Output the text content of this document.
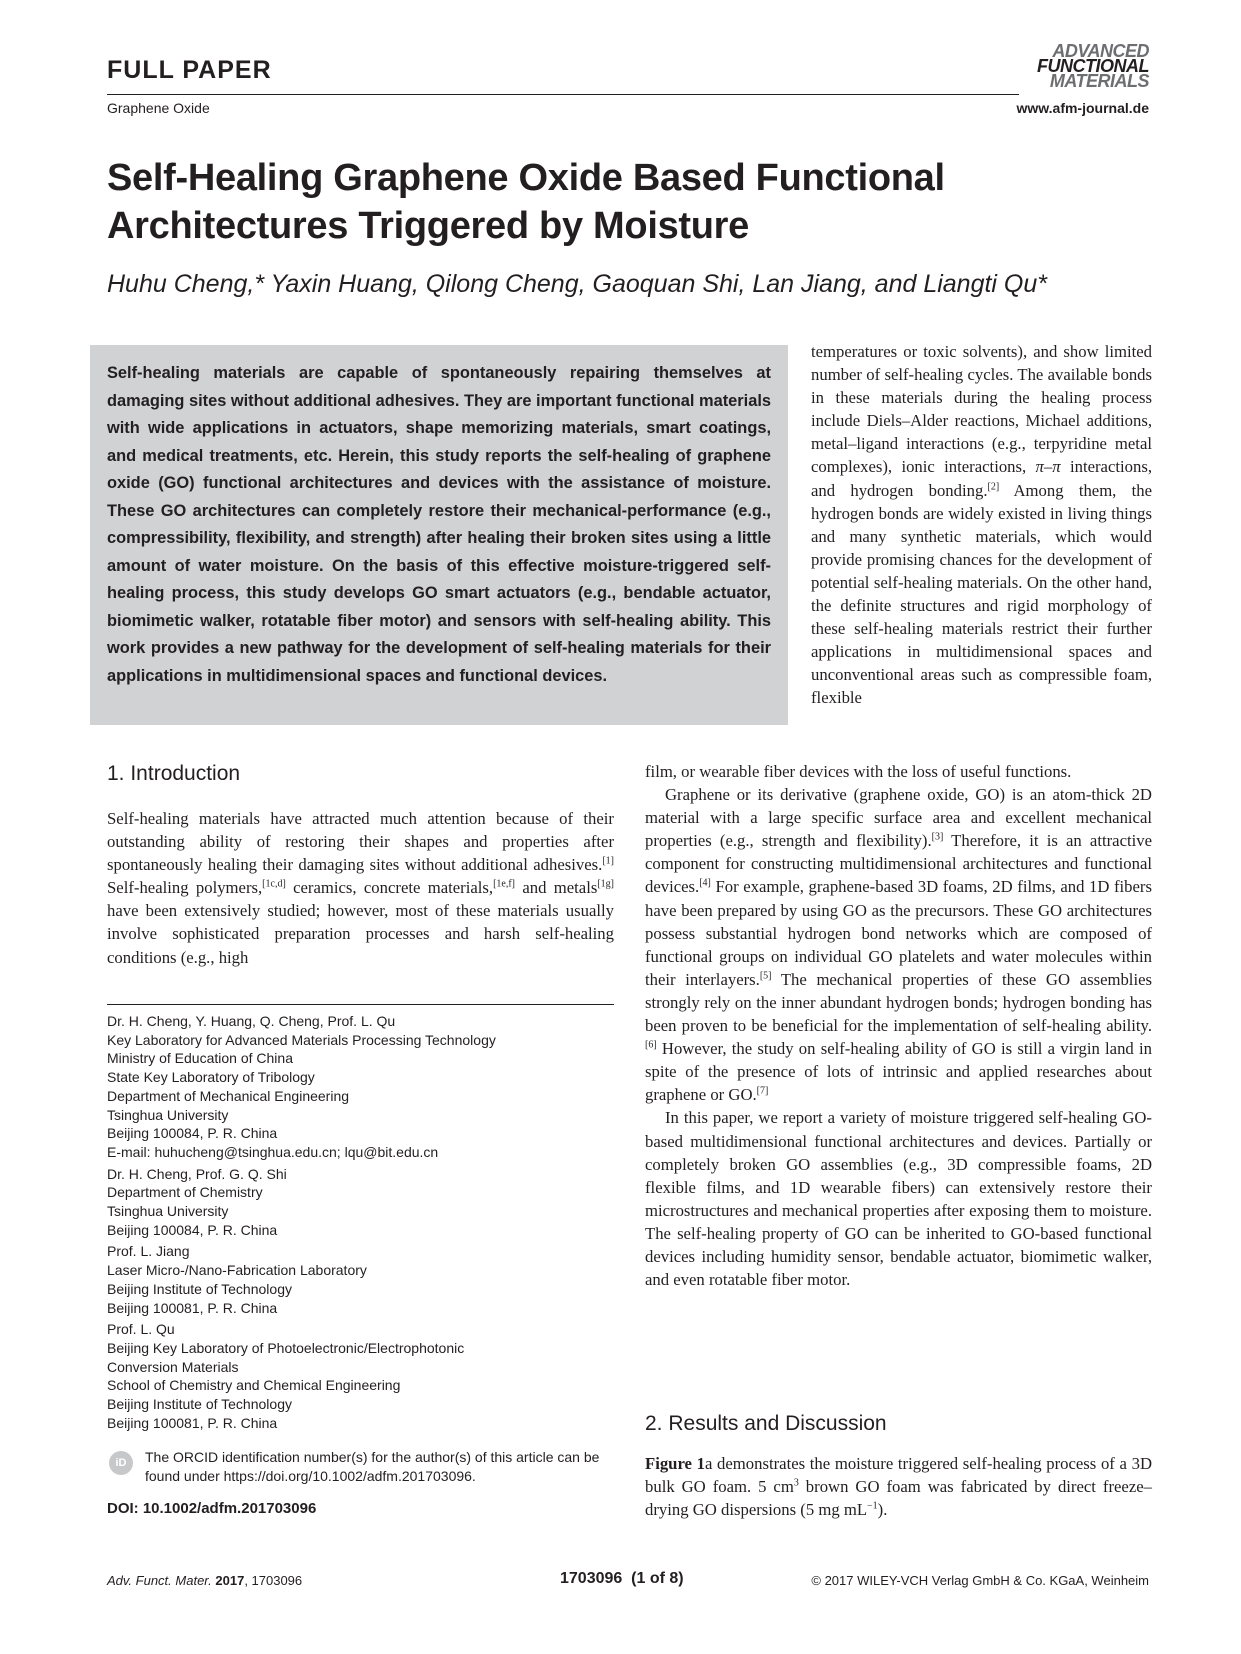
FULL PAPER
ADVANCED
FUNCTIONAL
MATERIALS
Graphene Oxide	www.afm-journal.de
Self-Healing Graphene Oxide Based Functional Architectures Triggered by Moisture
Huhu Cheng,* Yaxin Huang, Qilong Cheng, Gaoquan Shi, Lan Jiang, and Liangti Qu*
Self-healing materials are capable of spontaneously repairing themselves at damaging sites without additional adhesives. They are important functional materials with wide applications in actuators, shape memorizing materials, smart coatings, and medical treatments, etc. Herein, this study reports the self-healing of graphene oxide (GO) functional architectures and devices with the assistance of moisture. These GO architectures can completely restore their mechanical-performance (e.g., compressibility, flexibility, and strength) after healing their broken sites using a little amount of water moisture. On the basis of this effective moisture-triggered self-healing process, this study develops GO smart actuators (e.g., bendable actuator, biomimetic walker, rotatable fiber motor) and sensors with self-healing ability. This work provides a new pathway for the development of self-healing materials for their applications in multidimensional spaces and functional devices.
temperatures or toxic solvents), and show limited number of self-healing cycles. The available bonds in these materials during the healing process include Diels–Alder reactions, Michael additions, metal–ligand interactions (e.g., terpyridine metal complexes), ionic interactions, π–π interactions, and hydrogen bonding.[2] Among them, the hydrogen bonds are widely existed in living things and many synthetic materials, which would provide promising chances for the development of potential self-healing materials. On the other hand, the definite structures and rigid morphology of these self-healing materials restrict their further applications in multidimensional spaces and unconventional areas such as compressible foam, flexible
1. Introduction
Self-healing materials have attracted much attention because of their outstanding ability of restoring their shapes and properties after spontaneously healing their damaging sites without additional adhesives.[1] Self-healing polymers,[1c,d] ceramics, concrete materials,[1e,f] and metals[1g] have been extensively studied; however, most of these materials usually involve sophisticated preparation processes and harsh self-healing conditions (e.g., high

film, or wearable fiber devices with the loss of useful functions.

Graphene or its derivative (graphene oxide, GO) is an atom-thick 2D material with a large specific surface area and excellent mechanical properties (e.g., strength and flexibility).[3] Therefore, it is an attractive component for constructing multidimensional architectures and functional devices.[4] For example, graphene-based 3D foams, 2D films, and 1D fibers have been prepared by using GO as the precursors. These GO architectures possess substantial hydrogen bond networks which are composed of functional groups on individual GO platelets and water molecules within their interlayers.[5] The mechanical properties of these GO assemblies strongly rely on the inner abundant hydrogen bonds; hydrogen bonding has been proven to be beneficial for the implementation of self-healing ability.[6] However, the study on self-healing ability of GO is still a virgin land in spite of the presence of lots of intrinsic and applied researches about graphene or GO.[7]

In this paper, we report a variety of moisture triggered self-healing GO-based multidimensional functional architectures and devices. Partially or completely broken GO assemblies (e.g., 3D compressible foams, 2D flexible films, and 1D wearable fibers) can extensively restore their microstructures and mechanical properties after exposing them to moisture. The self-healing property of GO can be inherited to GO-based functional devices including humidity sensor, bendable actuator, biomimetic walker, and even rotatable fiber motor.

2. Results and Discussion
Figure 1a demonstrates the moisture triggered self-healing process of a 3D bulk GO foam. 5 $cm^3$ brown GO foam was fabricated by direct freeze–drying GO dispersions (5 mg $mL^{-1}$).
Dr. H. Cheng, Y. Huang, Q. Cheng, Prof. L. Qu
Key Laboratory for Advanced Materials Processing Technology
Ministry of Education of China
State Key Laboratory of Tribology
Department of Mechanical Engineering
Tsinghua University
Beijing 100084, P. R. China
E-mail: huhucheng@tsinghua.edu.cn; lqu@bit.edu.cn
Dr. H. Cheng, Prof. G. Q. Shi
Department of Chemistry
Tsinghua University
Beijing 100084, P. R. China
Prof. L. Jiang
Laser Micro-/Nano-Fabrication Laboratory
Beijing Institute of Technology
Beijing 100081, P. R. China
Prof. L. Qu
Beijing Key Laboratory of Photoelectronic/Electrophotonic
Conversion Materials
School of Chemistry and Chemical Engineering
Beijing Institute of Technology
Beijing 100081, P. R. China
iD	The ORCID identification number(s) for the author(s) of this article can be found under https://doi.org/10.1002/adfm.201703096.
DOI: 10.1002/adfm.201703096
Adv. Funct. Mater. 2017, 1703096	1703096  (1 of 8)	© 2017 WILEY-VCH Verlag GmbH & Co. KGaA, Weinheim
